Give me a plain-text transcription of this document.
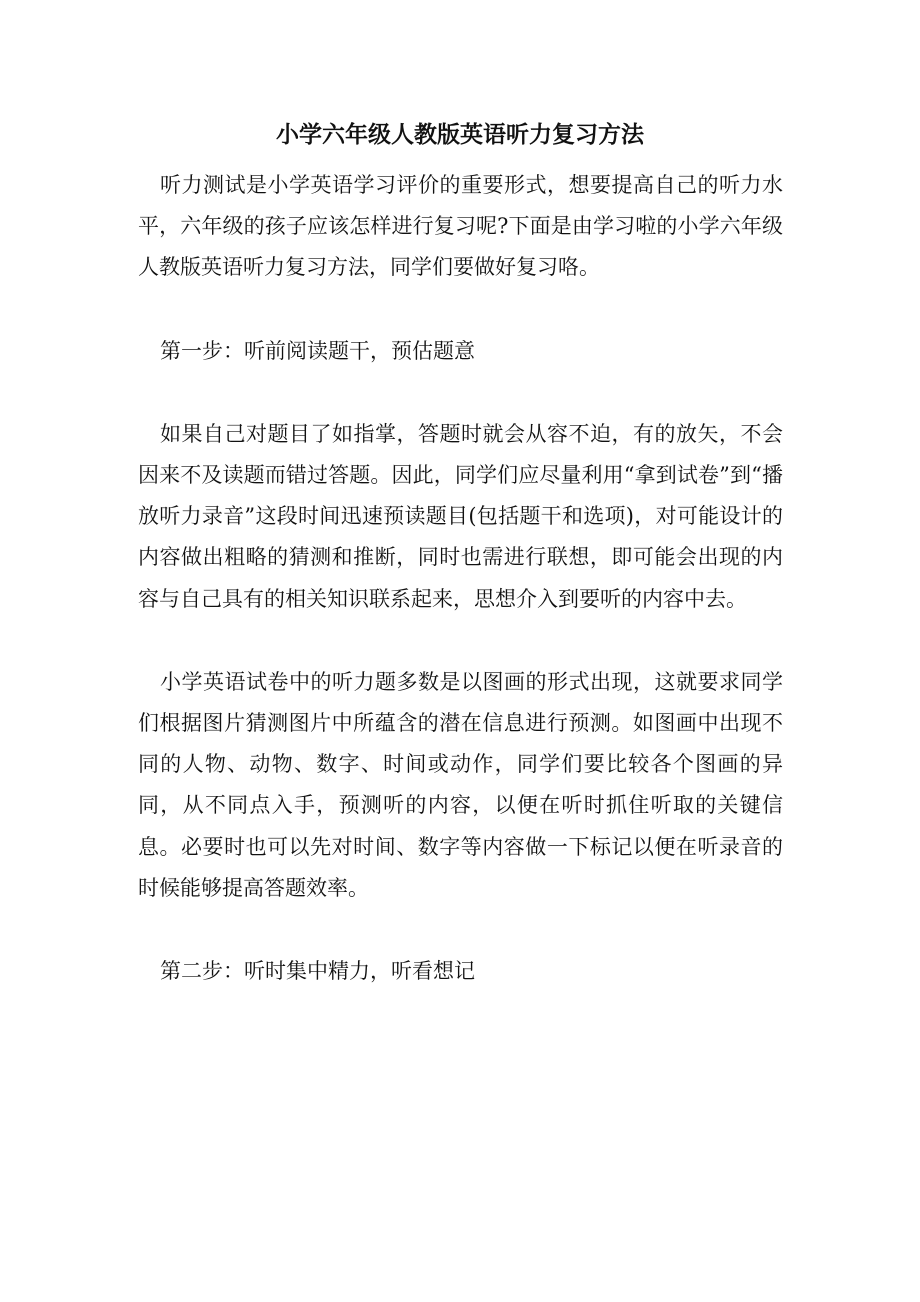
小学六年级人教版英语听力复习方法

听力测试是小学英语学习评价的重要形式，想要提高自己的听力水平，六年级的孩子应该怎样进行复习呢?下面是由学习啦的小学六年级人教版英语听力复习方法，同学们要做好复习咯。

第一步：听前阅读题干，预估题意

如果自己对题目了如指掌，答题时就会从容不迫，有的放矢，不会因来不及读题而错过答题。因此，同学们应尽量利用“拿到试卷”到“播放听力录音”这段时间迅速预读题目(包括题干和选项)，对可能设计的内容做出粗略的猜测和推断，同时也需进行联想，即可能会出现的内容与自己具有的相关知识联系起来，思想介入到要听的内容中去。

小学英语试卷中的听力题多数是以图画的形式出现，这就要求同学们根据图片猜测图片中所蕴含的潜在信息进行预测。如图画中出现不同的人物、动物、数字、时间或动作，同学们要比较各个图画的异同，从不同点入手，预测听的内容，以便在听时抓住听取的关键信息。必要时也可以先对时间、数字等内容做一下标记以便在听录音的时候能够提高答题效率。

第二步：听时集中精力，听看想记
